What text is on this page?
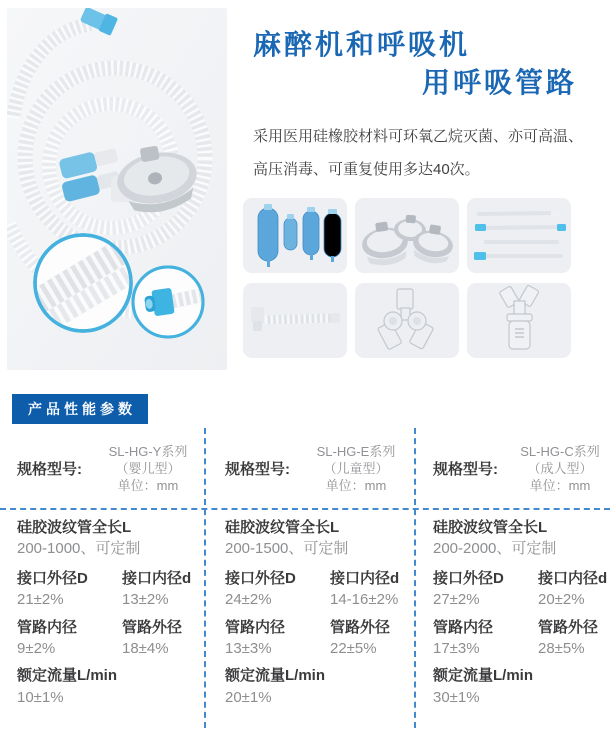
麻醉机和呼吸机
用呼吸管路
采用医用硅橡胶材料可环氧乙烷灭菌、亦可高温、
高压消毒、可重复使用多达40次。
产品性能参数
规格型号:
SL-HG-Y系列
（婴儿型）
单位：mm
硅胶波纹管全长L
200-1000、可定制
接口外径D	接口内径d
21±2%	13±2%
管路内径	管路外径
9±2%	18±4%
额定流量L/min
10±1%
规格型号:
SL-HG-E系列
（儿童型）
单位：mm
硅胶波纹管全长L
200-1500、可定制
接口外径D	接口内径d
24±2%	14-16±2%
管路内径	管路外径
13±3%	22±5%
额定流量L/min
20±1%
规格型号:
SL-HG-C系列
（成人型）
单位：mm
硅胶波纹管全长L
200-2000、可定制
接口外径D	接口内径d
27±2%	20±2%
管路内径	管路外径
17±3%	28±5%
额定流量L/min
30±1%
